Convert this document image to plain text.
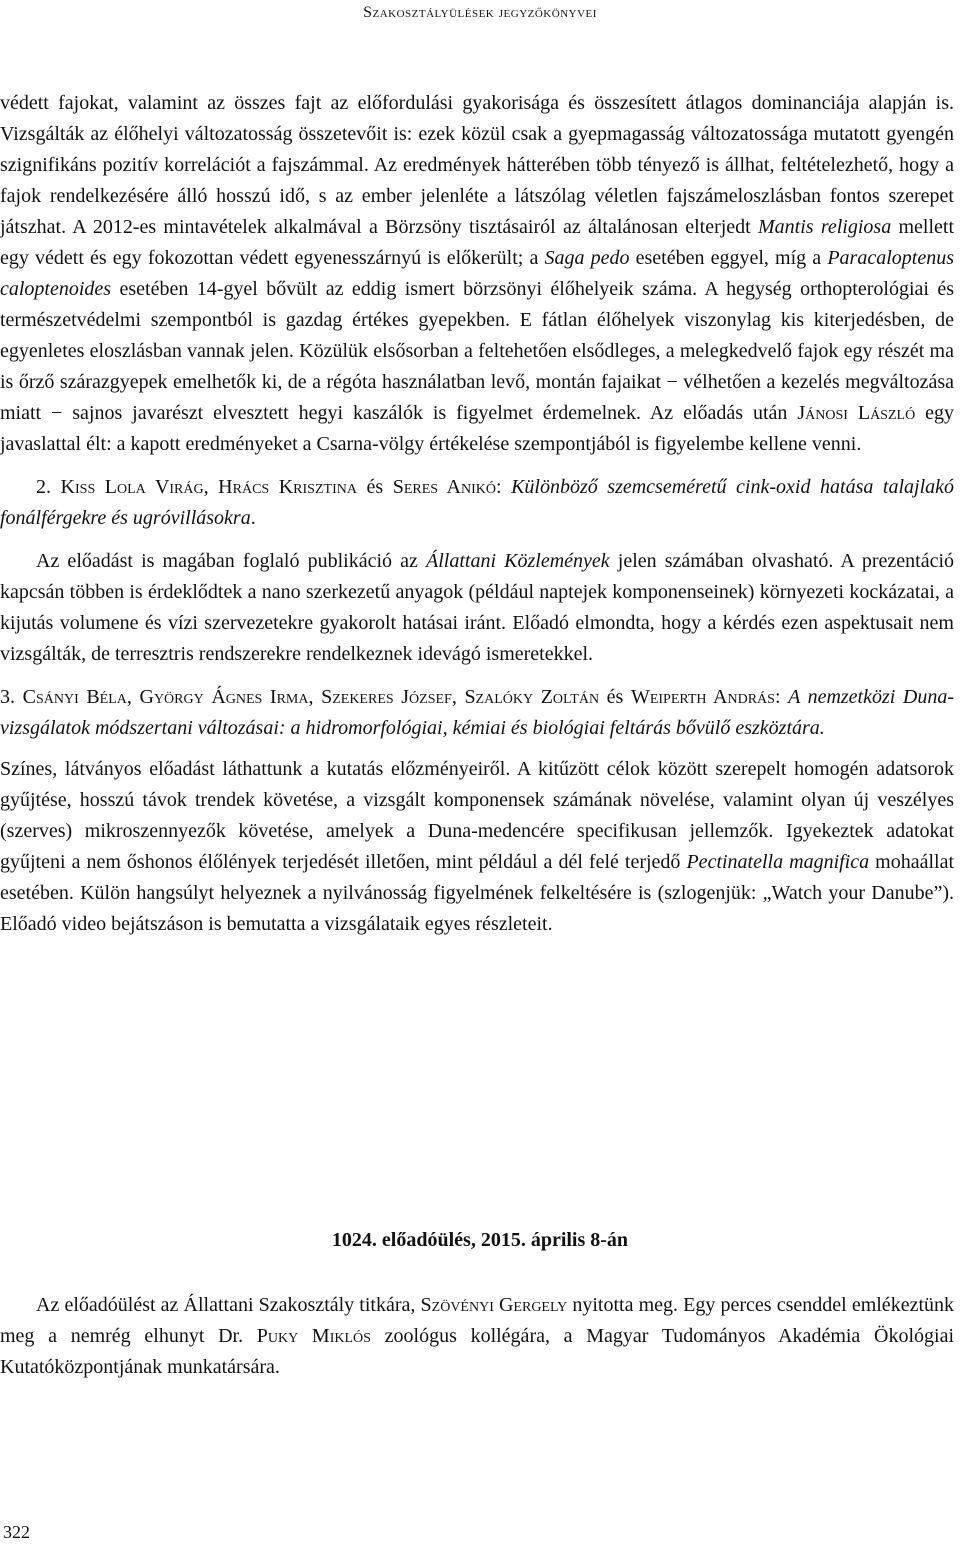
Szakosztályülések jegyzőkönyvei

védett fajokat, valamint az összes fajt az előfordulási gyakorisága és összesített átlagos dominanciája alapján is. Vizsgálták az élőhelyi változatosság összetevőit is: ezek közül csak a gyepmagasság változatossága mutatott gyengén szignifikáns pozitív korrelációt a fajszámmal. Az eredmények hátterében több tényező is állhat, feltételezhető, hogy a fajok rendelkezésére álló hosszú idő, s az ember jelenléte a látszólag véletlen fajszámeloszlásban fontos szerepet játszhat. A 2012-es mintavételek alkalmával a Börzsöny tisztásairól az általánosan elterjedt Mantis religiosa mellett egy védett és egy fokozottan védett egyenesszárnyú is előkerült; a Saga pedo esetében eggyel, míg a Paracaloptenus caloptenoides esetében 14-gyel bővült az eddig ismert börzsönyi élőhelyeik száma. A hegység orthopterológiai és természetvédelmi szempontból is gazdag értékes gyepekben. E fátlan élőhelyek viszonylag kis kiterjedésben, de egyenletes eloszlásban vannak jelen. Közülük elsősorban a feltehetően elsődleges, a melegkedvelő fajok egy részét ma is őrző szárazgyepek emelhetők ki, de a régóta használatban levő, montán fajaikat − vélhetően a kezelés megváltozása miatt − sajnos javarészt elvesztett hegyi kaszálók is figyelmet érdemelnek. Az előadás után Jánosi László egy javaslattal élt: a kapott eredményeket a Csarna-völgy értékelése szempontjából is figyelembe kellene venni.

2. Kiss Lola Virág, Hrács Krisztina és Seres Anikó: Különböző szemcseméretű cink-oxid hatása talajlakó fonálférgekre és ugróvillásokra.

Az előadást is magában foglaló publikáció az Állattani Közlemények jelen számában olvasható. A prezentáció kapcsán többen is érdeklődtek a nano szerkezetű anyagok (például naptejek komponenseinek) környezeti kockázatai, a kijutás volumene és vízi szervezetekre gyakorolt hatásai iránt. Előadó elmondta, hogy a kérdés ezen aspektusait nem vizsgálták, de terresztris rendszerekre rendelkeznek idevágó ismeretekkel.

3. Csányi Béla, György Ágnes Irma, Szekeres József, Szalóky Zoltán és Weiperth András: A nemzetközi Duna-vizsgálatok módszertani változásai: a hidromorfológiai, kémiai és biológiai feltárás bővülő eszköztára.

Színes, látványos előadást láthattunk a kutatás előzményeiről. A kitűzött célok között szerepelt homogén adatsorok gyűjtése, hosszú távok trendek követése, a vizsgált komponensek számának növelése, valamint olyan új veszélyes (szerves) mikroszennyezők követése, amelyek a Duna-medencére specifikusan jellemzők. Igyekeztek adatokat gyűjteni a nem őshonos élőlények terjedését illetően, mint például a dél felé terjedő Pectinatella magnifica mohaállat esetében. Külön hangsúlyt helyeznek a nyilvánosság figyelmének felkeltésére is (szlogenjük: „Watch your Danube”). Előadó video bejátszáson is bemutatta a vizsgálataik egyes részleteit.

1024. előadóülés, 2015. április 8-án

Az előadóülést az Állattani Szakosztály titkára, Szövényi Gergely nyitotta meg. Egy perces csenddel emlékeztünk meg a nemrég elhunyt Dr. Puky Miklós zoológus kollégára, a Magyar Tudományos Akadémia Ökológiai Kutatóközpontjának munkatársára.

322
